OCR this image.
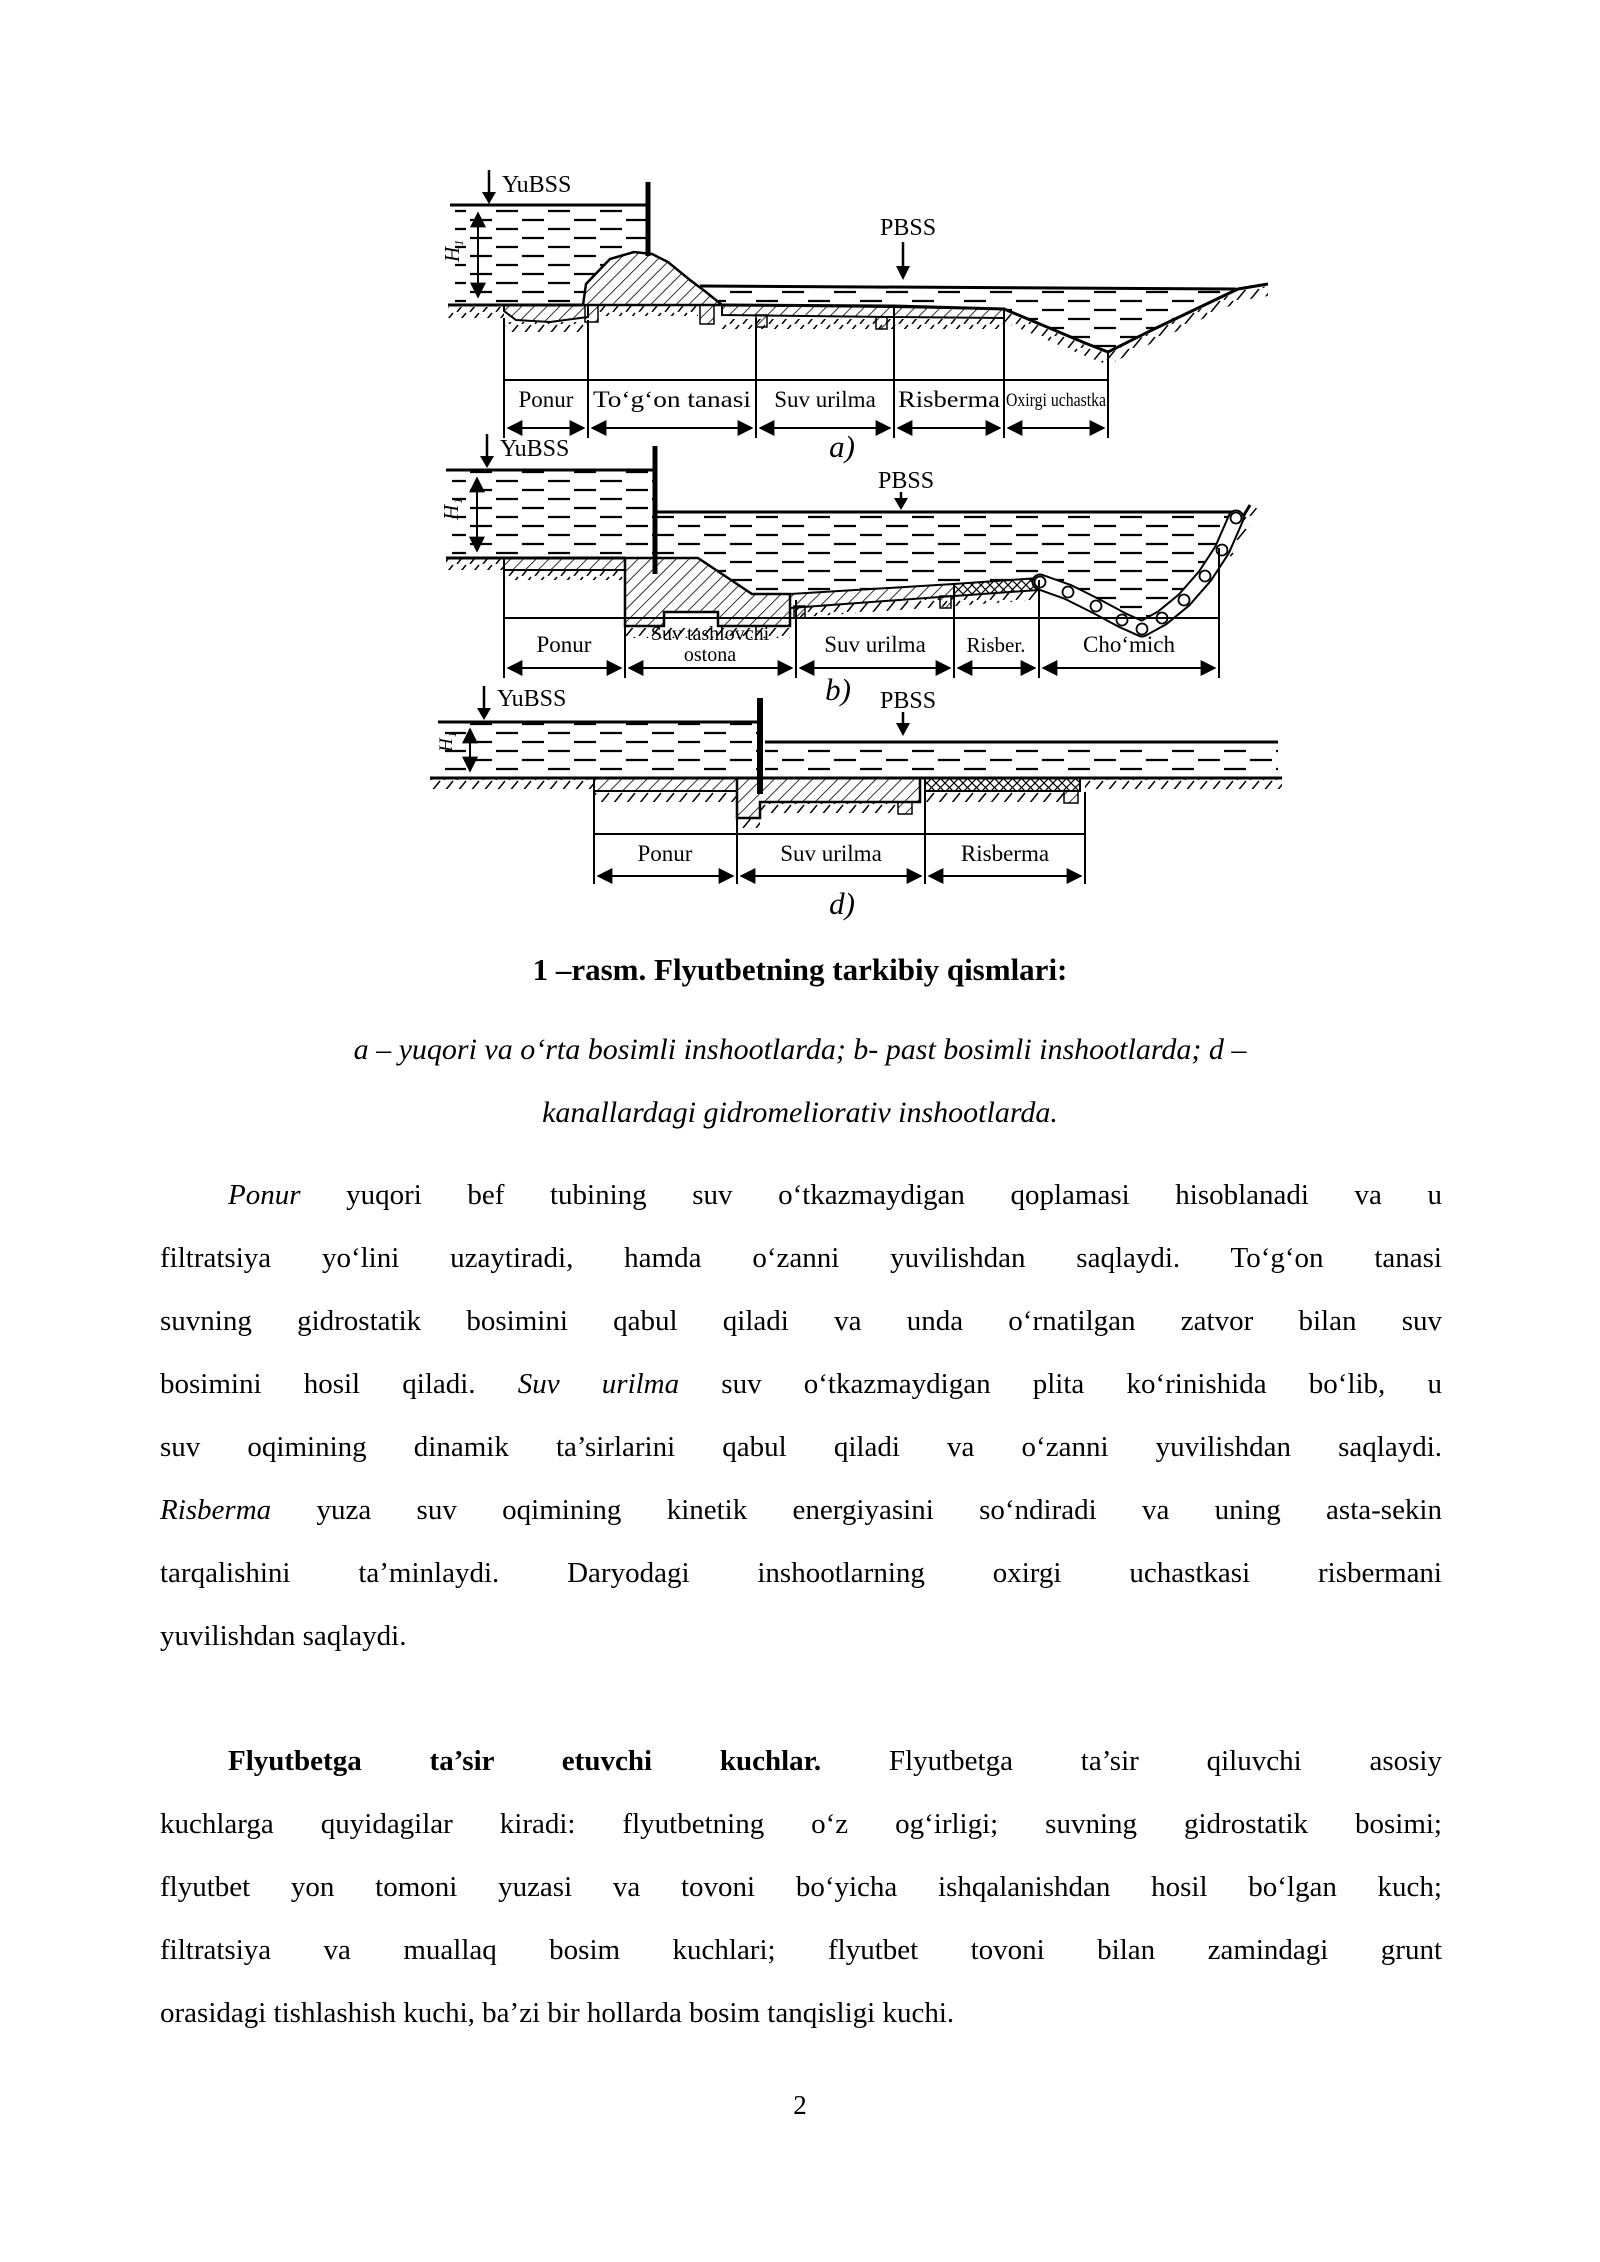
YuBSS
H₁
PBSS
Ponur To‘g‘on tanasi Suv urilma Risberma Oxirgi uchastka
a)
YuBSS
H₁
PBSS
Ponur	Suv tashlovchi
ostona	Suv urilma Risber.	Cho‘mich
b)
YuBSS
H₁
PBSS
Ponur	Suv urilma	Risberma
d)
1 –rasm. Flyutbetning tarkibiy qismlari:
a – yuqori va o‘rta bosimli inshootlarda; b- past bosimli inshootlarda; d –
kanallardagi gidromeliorativ inshootlarda.
Ponur yuqori bef tubining suv o‘tkazmaydigan qoplamasi hisoblanadi va u
filtratsiya yo‘lini uzaytiradi, hamda o‘zanni yuvilishdan saqlaydi. To‘g‘on tanasi
suvning gidrostatik bosimini qabul qiladi va unda o‘rnatilgan zatvor bilan suv
bosimini hosil qiladi. Suv urilma suv o‘tkazmaydigan plita ko‘rinishida bo‘lib, u
suv oqimining dinamik ta’sirlarini qabul qiladi va o‘zanni yuvilishdan saqlaydi.
Risberma yuza suv oqimining kinetik energiyasini so‘ndiradi va uning asta-sekin
tarqalishini ta’minlaydi. Daryodagi inshootlarning oxirgi uchastkasi risbermani
yuvilishdan saqlaydi.
Flyutbetga ta’sir etuvchi kuchlar. Flyutbetga ta’sir qiluvchi asosiy
kuchlarga quyidagilar kiradi: flyutbetning o‘z og‘irligi; suvning gidrostatik bosimi;
flyutbet yon tomoni yuzasi va tovoni bo‘yicha ishqalanishdan hosil bo‘lgan kuch;
filtratsiya va muallaq bosim kuchlari; flyutbet tovoni bilan zamindagi grunt
orasidagi tishlashish kuchi, ba’zi bir hollarda bosim tanqisligi kuchi.
2
